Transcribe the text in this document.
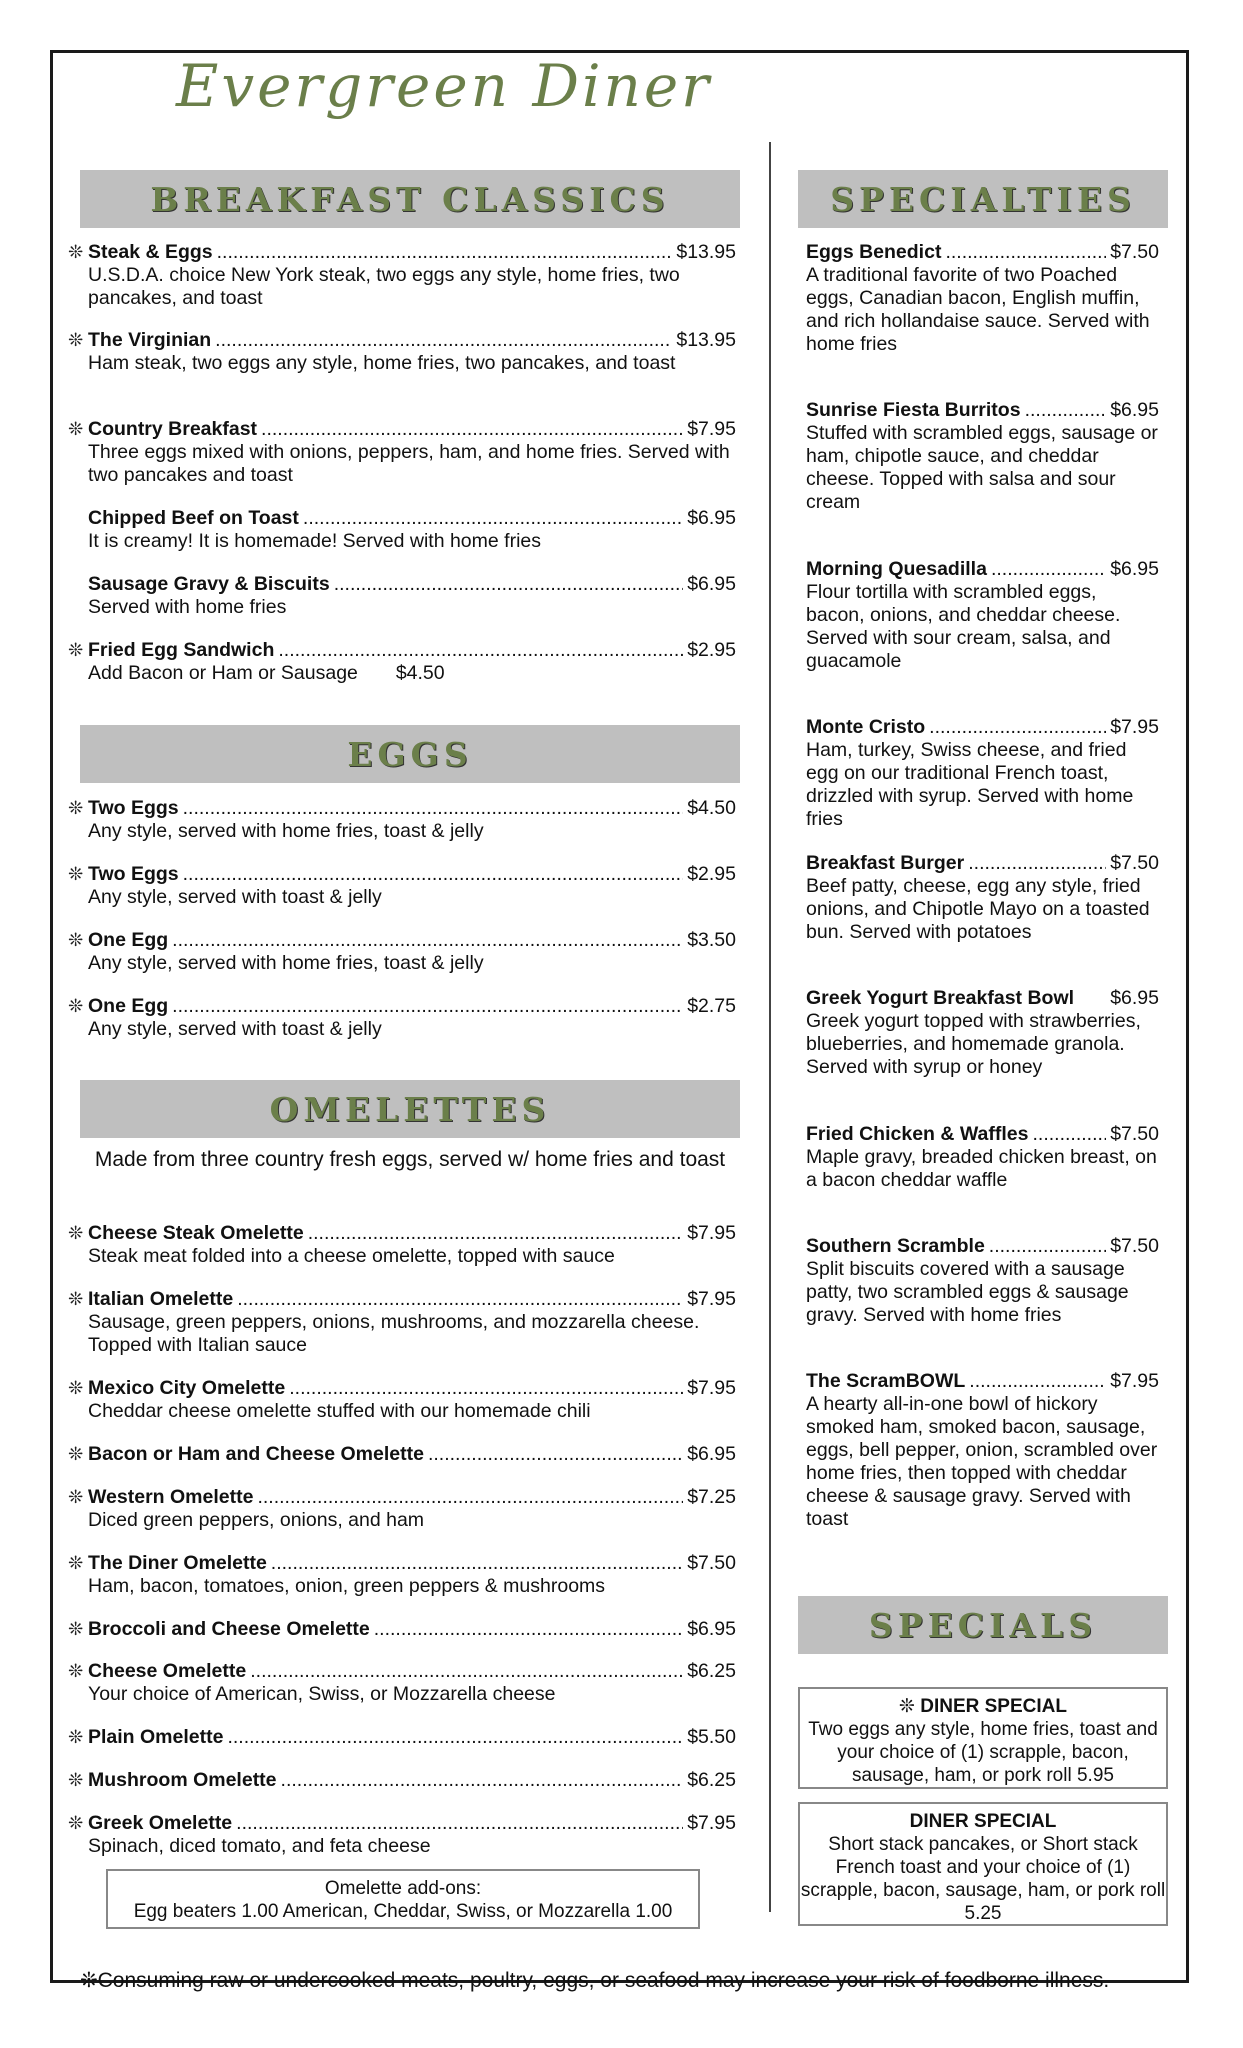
Evergreen Diner
BREAKFAST CLASSICS
EGGS
OMELETTES
SPECIALTIES
SPECIALS
❊ Steak & Eggs .....	$13.95
U.S.D.A. choice New York steak, two eggs any style, home fries, two pancakes, and toast
❊ The Virginian .....	$13.95
Ham steak, two eggs any style, home fries, two pancakes, and toast
❊ Country Breakfast .....	$7.95
Three eggs mixed with onions, peppers, ham, and home fries. Served with two pancakes and toast
Chipped Beef on Toast .....	$6.95
It is creamy! It is homemade! Served with home fries
Sausage Gravy & Biscuits .....	$6.95
Served with home fries
❊ Fried Egg Sandwich .....	$2.95
Add Bacon or Ham or Sausage       $4.50
❊ Two Eggs .....	$4.50
Any style, served with home fries, toast & jelly
❊ Two Eggs .....	$2.95
Any style, served with toast & jelly
❊ One Egg .....	$3.50
Any style, served with home fries, toast & jelly
❊ One Egg .....	$2.75
Any style, served with toast & jelly
Made from three country fresh eggs, served w/ home fries and toast
❊ Cheese Steak Omelette .....	$7.95
Steak meat folded into a cheese omelette, topped with sauce
❊ Italian Omelette .....	$7.95
Sausage, green peppers, onions, mushrooms, and mozzarella cheese. Topped with Italian sauce
❊ Mexico City Omelette .....	$7.95
Cheddar cheese omelette stuffed with our homemade chili
❊ Bacon or Ham and Cheese Omelette .....	$6.95
❊ Western Omelette .....	$7.25
Diced green peppers, onions, and ham
❊ The Diner Omelette .....	$7.50
Ham, bacon, tomatoes, onion, green peppers & mushrooms
❊ Broccoli and Cheese Omelette .....	$6.95
❊ Cheese Omelette .....	$6.25
Your choice of American, Swiss, or Mozzarella cheese
❊ Plain Omelette .....	$5.50
❊ Mushroom Omelette .....	$6.25
❊ Greek Omelette .....	$7.95
Spinach, diced tomato, and feta cheese
Omelette add-ons:
Egg beaters 1.00 American, Cheddar, Swiss, or Mozzarella 1.00
Eggs Benedict .....	$7.50
A traditional favorite of two Poached eggs, Canadian bacon, English muffin, and rich hollandaise sauce. Served with home fries
Sunrise Fiesta Burritos .....	$6.95
Stuffed with scrambled eggs, sausage or ham, chipotle sauce, and cheddar cheese. Topped with salsa and sour cream
Morning Quesadilla .....	$6.95
Flour tortilla with scrambled eggs, bacon, onions, and cheddar cheese. Served with sour cream, salsa, and guacamole
Monte Cristo .....	$7.95
Ham, turkey, Swiss cheese, and fried egg on our traditional French toast, drizzled with syrup. Served with home fries
Breakfast Burger .....	$7.50
Beef patty, cheese, egg any style, fried onions, and Chipotle Mayo on a toasted bun. Served with potatoes
Greek Yogurt Breakfast Bowl $6.95
Greek yogurt topped with strawberries, blueberries, and homemade granola. Served with syrup or honey
Fried Chicken & Waffles .....	$7.50
Maple gravy, breaded chicken breast, on a bacon cheddar waffle
Southern Scramble .....	$7.50
Split biscuits covered with a sausage patty, two scrambled eggs & sausage gravy. Served with home fries
The ScramBOWL .....	$7.95
A hearty all-in-one bowl of hickory smoked ham, smoked bacon, sausage, eggs, bell pepper, onion, scrambled over home fries, then topped with cheddar cheese & sausage gravy. Served with toast
❊ DINER SPECIAL
Two eggs any style, home fries, toast and your choice of (1) scrapple, bacon, sausage, ham, or pork roll 5.95
DINER SPECIAL
Short stack pancakes, or Short stack French toast and your choice of (1) scrapple, bacon, sausage, ham, or pork roll 5.25
❊Consuming raw or undercooked meats, poultry, eggs, or seafood may increase your risk of foodborne illness.
